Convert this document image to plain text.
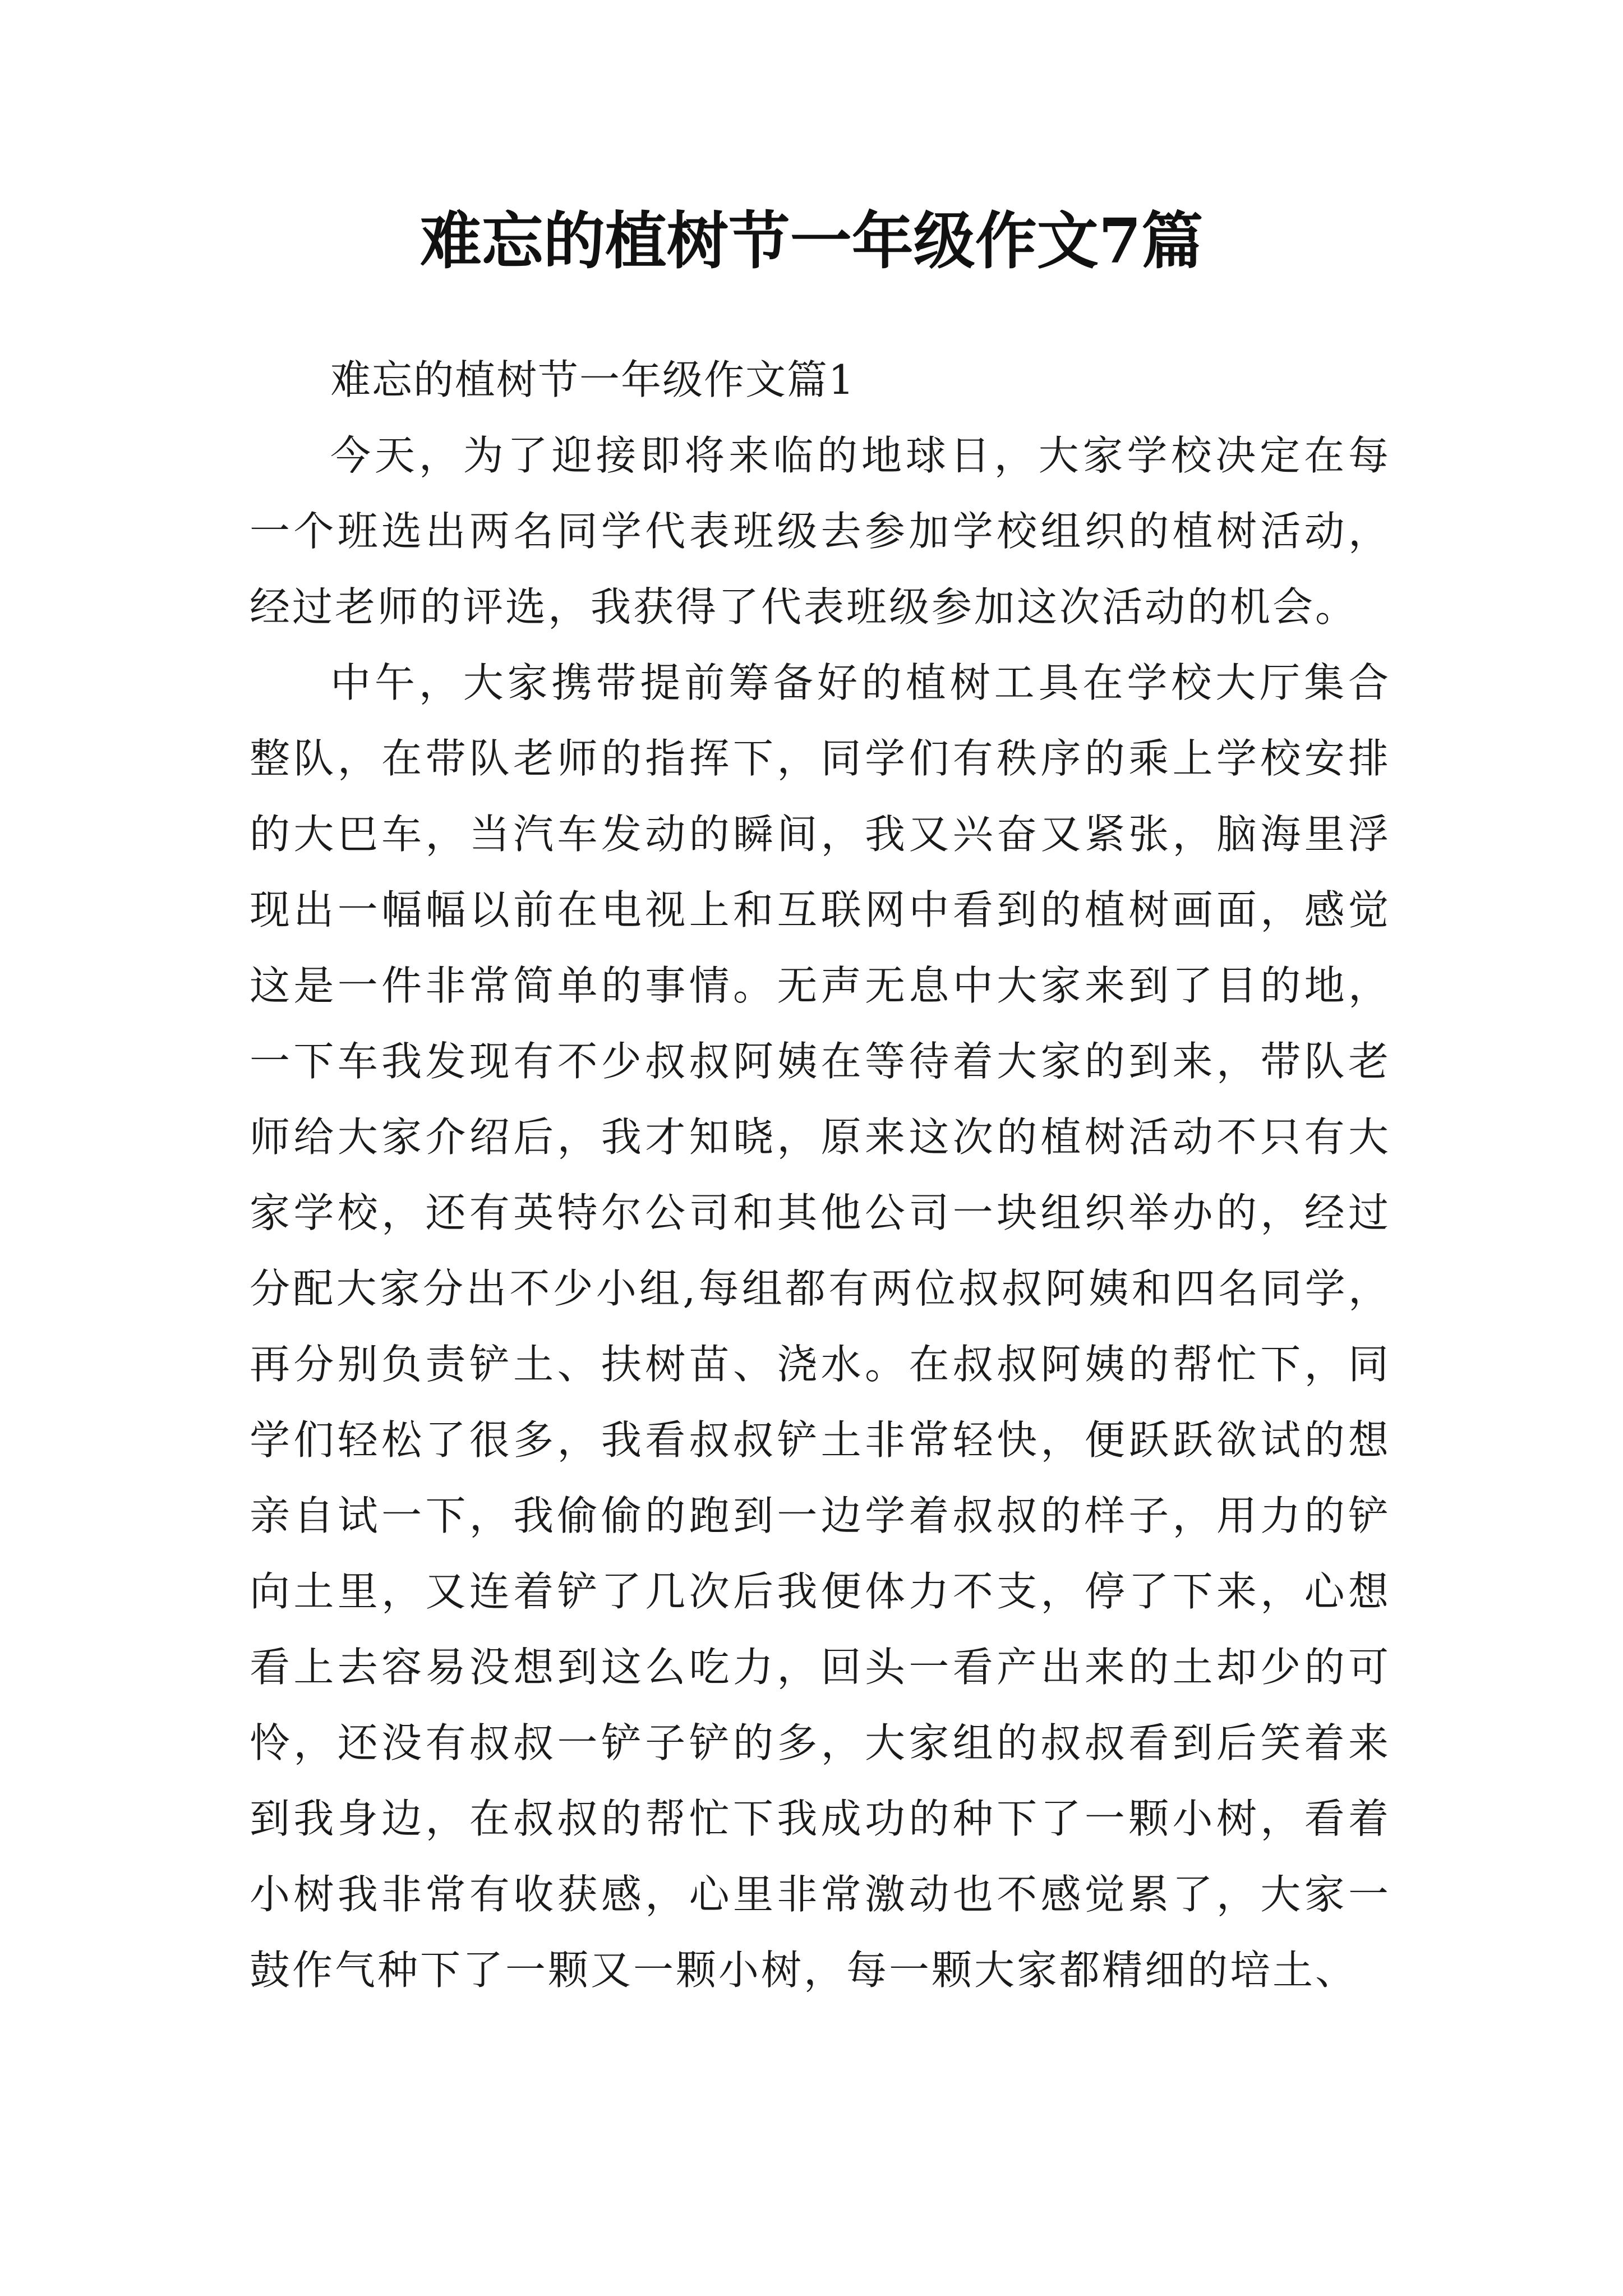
难忘的植树节一年级作文7篇

难忘的植树节一年级作文篇1

今天，为了迎接即将来临的地球日，大家学校决定在每一个班选出两名同学代表班级去参加学校组织的植树活动，经过老师的评选，我获得了代表班级参加这次活动的机会。

中午，大家携带提前筹备好的植树工具在学校大厅集合整队，在带队老师的指挥下，同学们有秩序的乘上学校安排的大巴车，当汽车发动的瞬间，我又兴奋又紧张，脑海里浮现出一幅幅以前在电视上和互联网中看到的植树画面，感觉这是一件非常简单的事情。无声无息中大家来到了目的地，一下车我发现有不少叔叔阿姨在等待着大家的到来，带队老师给大家介绍后，我才知晓，原来这次的植树活动不只有大家学校，还有英特尔公司和其他公司一块组织举办的，经过分配大家分出不少小组,每组都有两位叔叔阿姨和四名同学，再分别负责铲土、扶树苗、浇水。在叔叔阿姨的帮忙下，同学们轻松了很多，我看叔叔铲土非常轻快，便跃跃欲试的想亲自试一下，我偷偷的跑到一边学着叔叔的样子，用力的铲向土里，又连着铲了几次后我便体力不支，停了下来，心想看上去容易没想到这么吃力，回头一看产出来的土却少的可怜，还没有叔叔一铲子铲的多，大家组的叔叔看到后笑着来到我身边，在叔叔的帮忙下我成功的种下了一颗小树，看着小树我非常有收获感，心里非常激动也不感觉累了，大家一鼓作气种下了一颗又一颗小树，每一颗大家都精细的培土、
